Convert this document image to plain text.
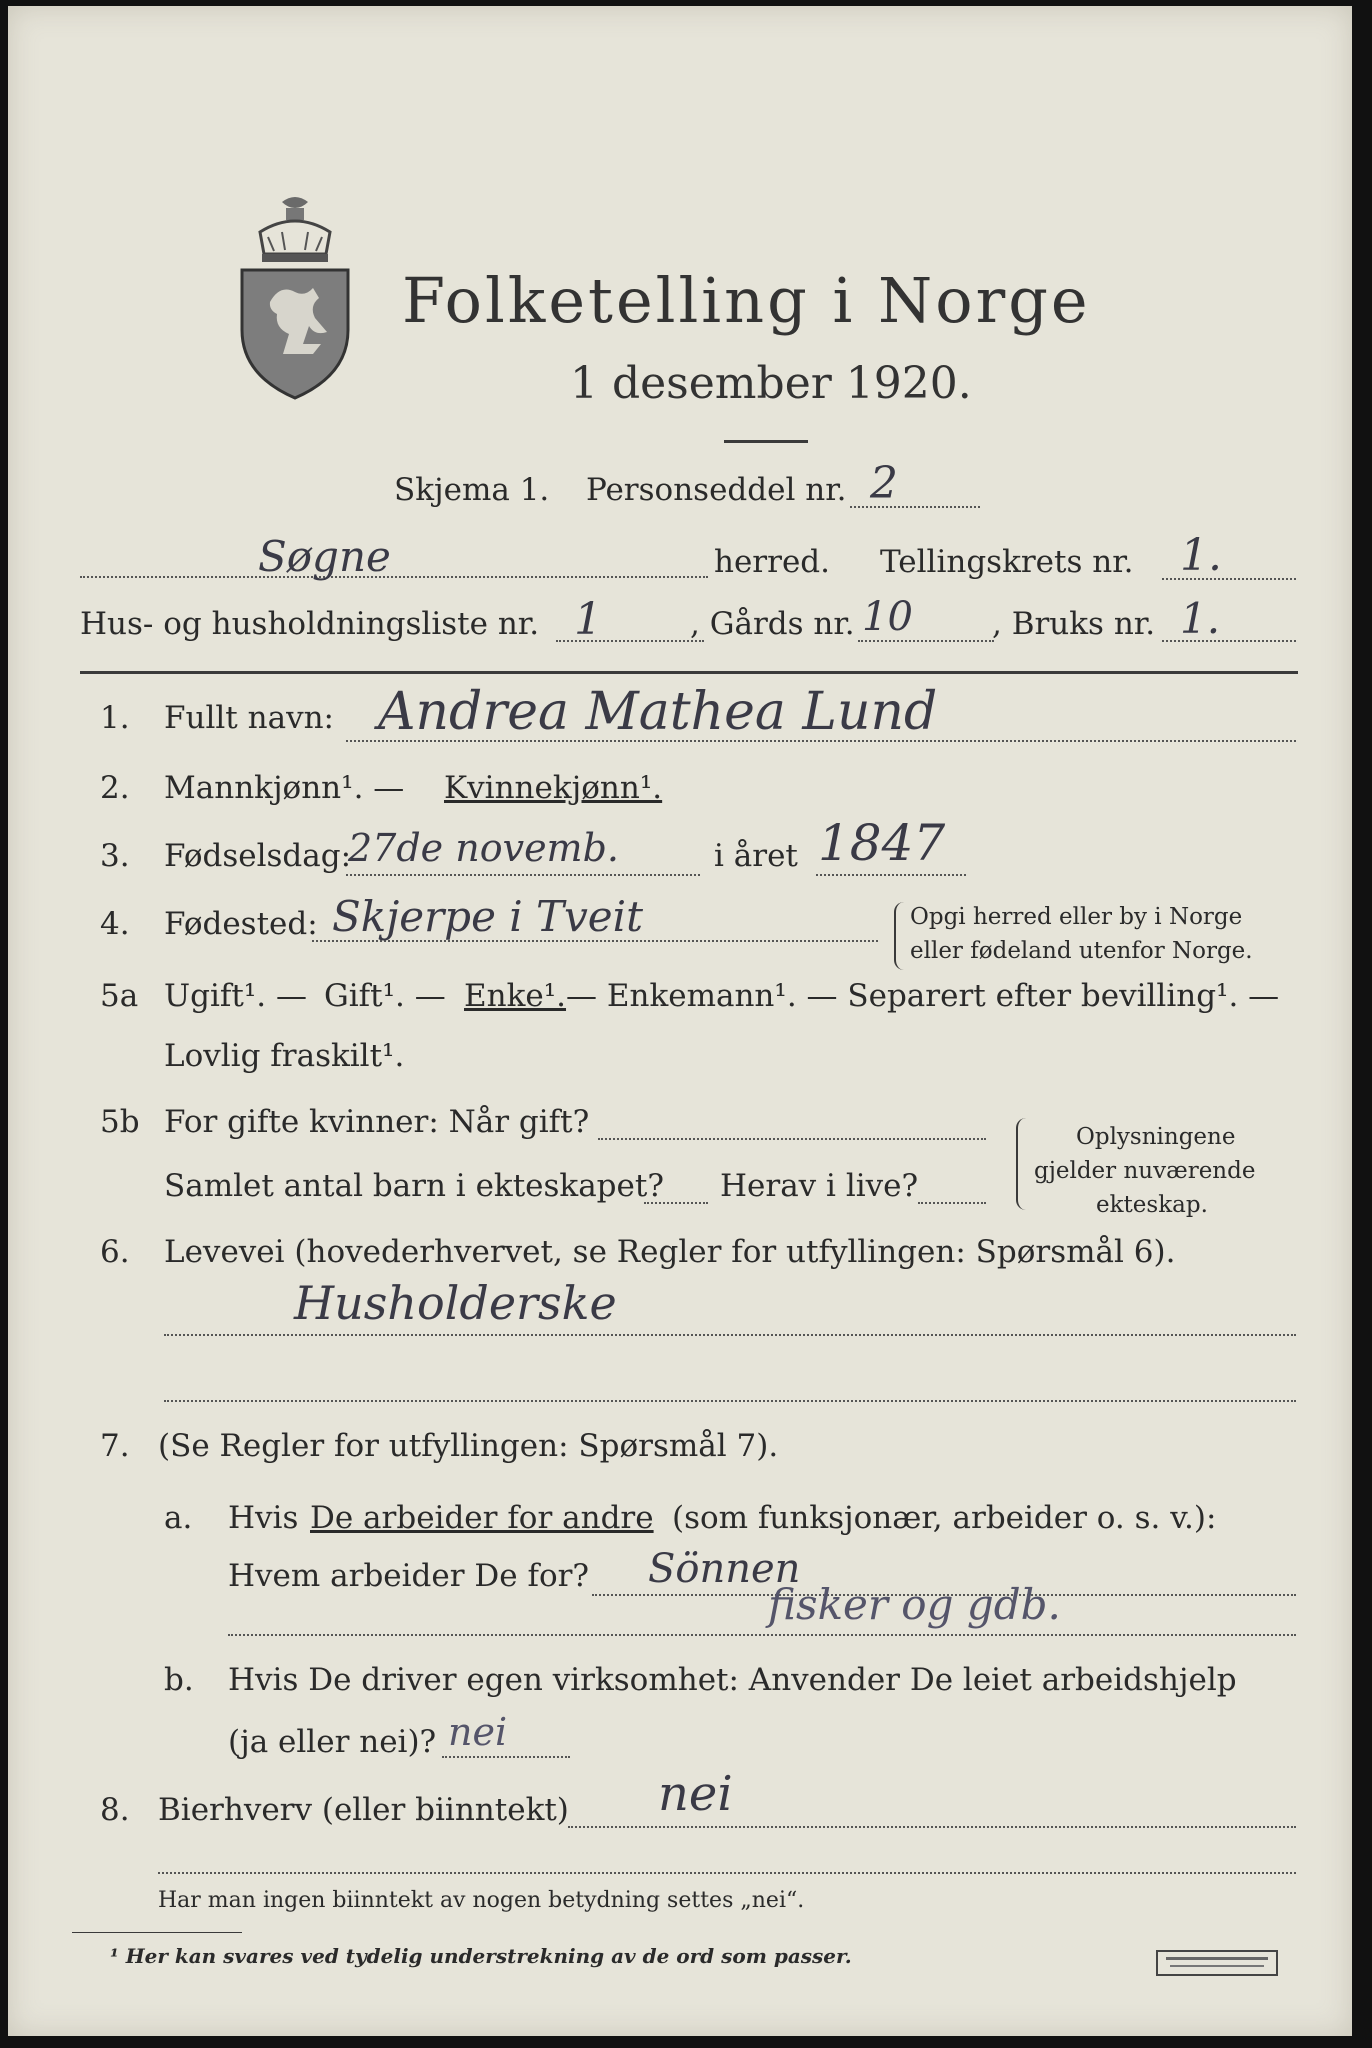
Folketelling i Norge
1 desember 1920.
Skjema 1. Personseddel nr. 2
Søgne	herred. Tellingskrets nr. 1.
Hus- og husholdningsliste nr. 1	, Gårds nr. 10	, Bruks nr. 1.
1. Fullt navn: Andrea Mathea Lund
2. Mannkjønn¹. — Kvinnekjønn¹.
3. Fødselsdag:
27de novemb.	i året 1847
4. Fødested: Skjerpe i Tveit	Opgi herred eller by i Norge
eller fødeland utenfor Norge.
5a Ugift¹. — Gift¹. — Enke¹. — Enkemann¹. — Separert efter bevilling¹. —
Lovlig fraskilt¹.
5b For gifte kvinner: Når gift?
Samlet antal barn i ekteskapet? Herav i live?
Oplysningene
gjelder nuværende
ekteskap.
6. Levevei (hovederhvervet, se Regler for utfyllingen: Spørsmål 6).
Husholderske
7. (Se Regler for utfyllingen: Spørsmål 7).
a. Hvis De arbeider for andre (som funksjonær, arbeider o. s. v.):
Hvem arbeider De for? Sönnen
fisker og gdb.
b. Hvis De driver egen virksomhet: Anvender De leiet arbeidshjelp
(ja eller nei)? nei
8. Bierhverv (eller biinntekt) nei
Har man ingen biinntekt av nogen betydning settes „nei“.
¹ Her kan svares ved tydelig understrekning av de ord som passer.
